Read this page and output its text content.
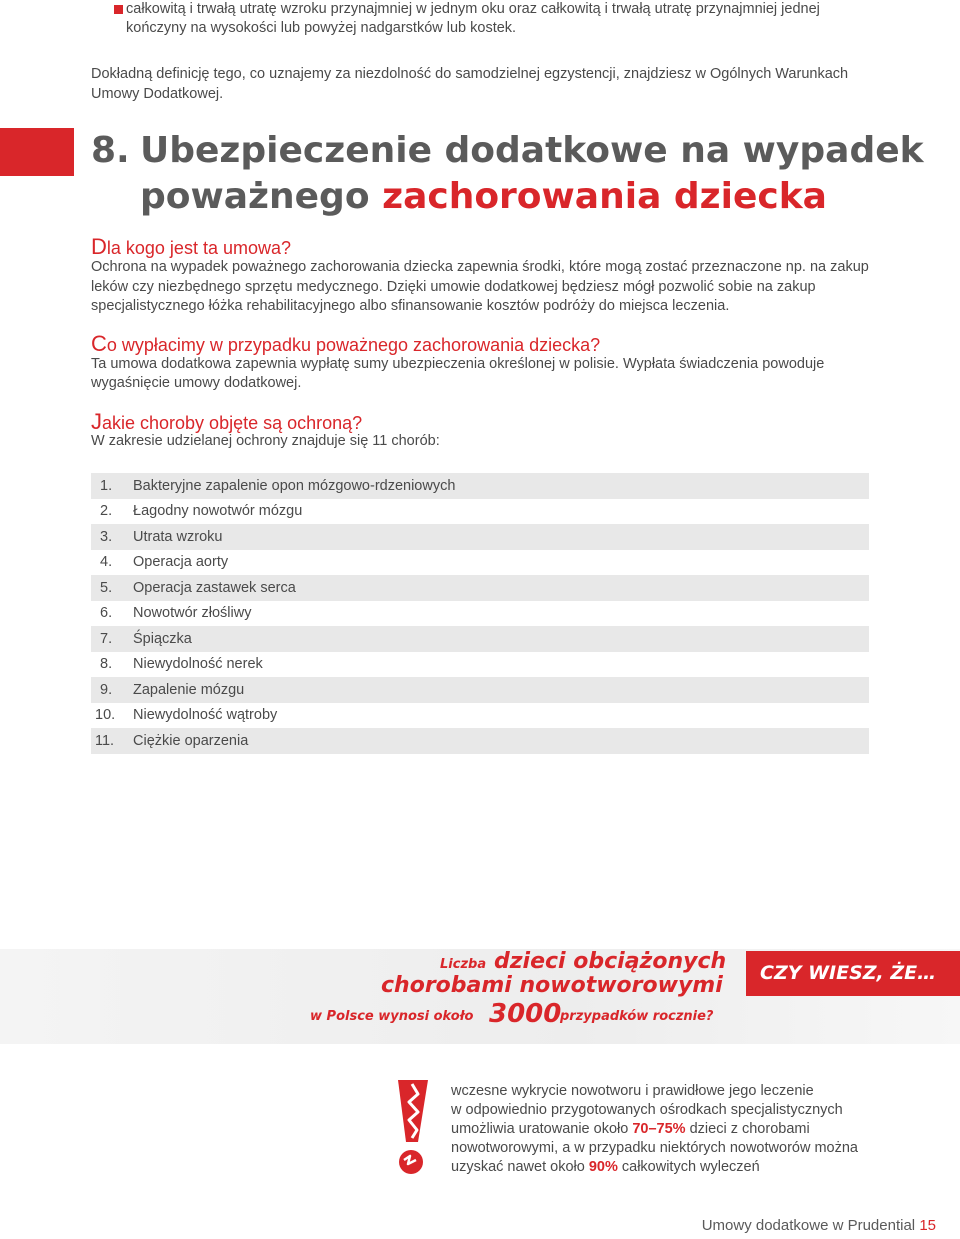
całkowitą i trwałą utratę wzroku przynajmniej w jednym oku oraz całkowitą i trwałą utratę przynajmniej jednej
kończyny na wysokości lub powyżej nadgarstków lub kostek.
Dokładną definicję tego, co uznajemy za niezdolność do samodzielnej egzystencji, znajdziesz w Ogólnych Warunkach
Umowy Dodatkowej.
8. Ubezpieczenie dodatkowe na wypadek
poważnego zachorowania dziecka
Dla kogo jest ta umowa?
Ochrona na wypadek poważnego zachorowania dziecka zapewnia środki, które mogą zostać przeznaczone np. na zakup
leków czy niezbędnego sprzętu medycznego. Dzięki umowie dodatkowej będziesz mógł pozwolić sobie na zakup
specjalistycznego łóżka rehabilitacyjnego albo sfinansowanie kosztów podróży do miejsca leczenia.
Co wypłacimy w przypadku poważnego zachorowania dziecka?
Ta umowa dodatkowa zapewnia wypłatę sumy ubezpieczenia określonej w polisie. Wypłata świadczenia powoduje
wygaśnięcie umowy dodatkowej.
Jakie choroby objęte są ochroną?
W zakresie udzielanej ochrony znajduje się 11 chorób:
1.	Bakteryjne zapalenie opon mózgowo-rdzeniowych
2.	Łagodny nowotwór mózgu
3.	Utrata wzroku
4.	Operacja aorty
5.	Operacja zastawek serca
6.	Nowotwór złośliwy
7.	Śpiączka
8.	Niewydolność nerek
9.	Zapalenie mózgu
10.	Niewydolność wątroby
11.	Ciężkie oparzenia
Liczba dzieci obciążonych
chorobami nowotworowymi
w Polsce wynosi około 3000
przypadków rocznie?
CZY WIESZ, ŻE…
wczesne wykrycie nowotworu i prawidłowe jego leczenie
w odpowiednio przygotowanych ośrodkach specjalistycznych
umożliwia uratowanie około 70–75% dzieci z chorobami
nowotworowymi, a w przypadku niektórych nowotworów można
uzyskać nawet około 90% całkowitych wyleczeń
Umowy dodatkowe w Prudential 15
